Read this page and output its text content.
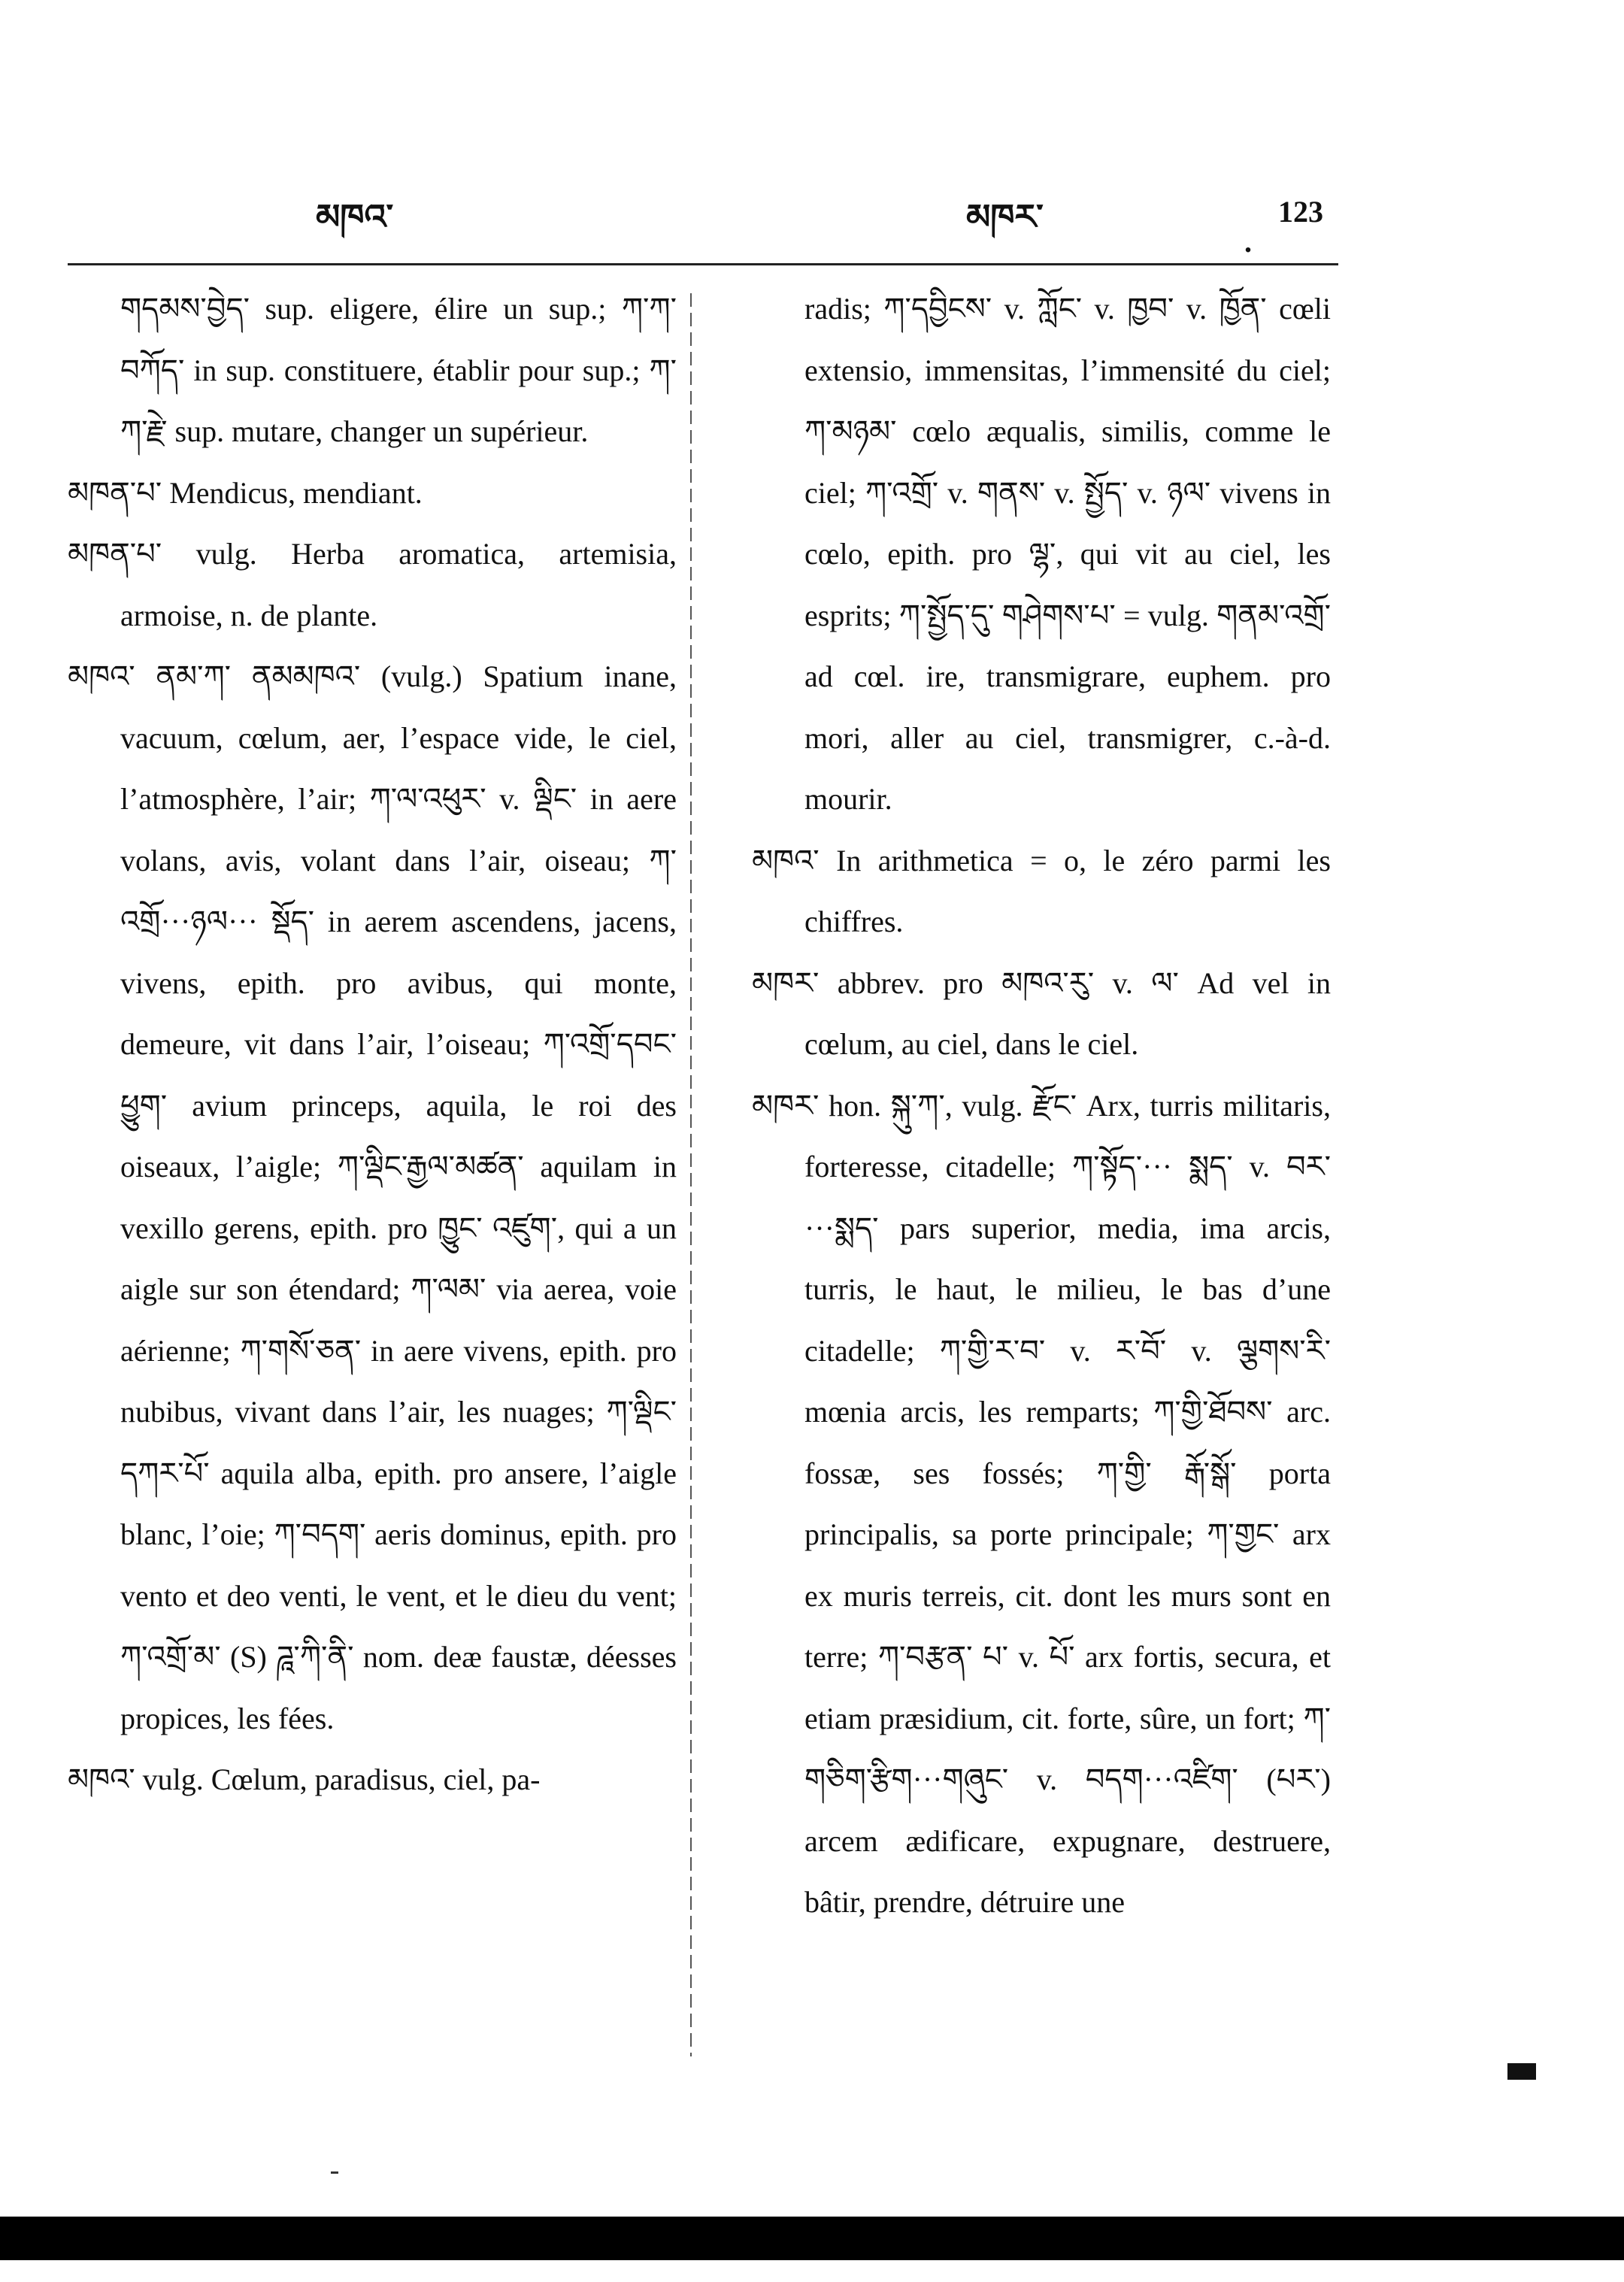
མཁའ་	མཁར་
.
123

གདམས་བྱེད་ sup. eligere, élire un sup.; ཀ་ཀ་བཀོད་ in sup. constituere, établir pour sup.; ཀ་ཀ་རྗེ་ sup. mutare, changer un supérieur.

མཁན་པ་ Mendicus, mendiant.

མཁན་པ་ vulg. Herba aromatica, artemisia, armoise, n. de plante.

མཁའ་ ནམ་ཀ་ ནམམཁའ་ (vulg.) Spatium inane, vacuum, cœlum, aer, l’espace vide, le ciel, l’atmosphère, l’air; ཀ་ལ་འཕུར་ v. ལྡིང་ in aere volans, avis, volant dans l’air, oiseau; ཀ་འགྲོ···ཉལ··· སྡོད་ in aerem ascendens, jacens, vivens, epith. pro avibus, qui monte, demeure, vit dans l’air, l’oiseau; ཀ་འགྲོ་དབང་ ཕྱུག་ avium princeps, aquila, le roi des oiseaux, l’aigle; ཀ་ལྡིང་རྒྱལ་མཚན་ aquilam in vexillo gerens, epith. pro ཁྱུང་ འཛུག་, qui a un aigle sur son étendard; ཀ་ལམ་ via aerea, voie aérienne; ཀ་གསོ་ཅན་ in aere vivens, epith. pro nubibus, vivant dans l’air, les nuages; ཀ་ལྡིང་དཀར་པོ་ aquila alba, epith. pro ansere, l’aigle blanc, l’oie; ཀ་བདག་ aeris dominus, epith. pro vento et deo venti, le vent, et le dieu du vent; ཀ་འགྲོ་མ་ (S) ཌཱ་ཀི་ནི་ nom. deæ faustæ, déesses propices, les fées.

མཁའ་ vulg. Cœlum, paradisus, ciel, pa-

radis; ཀ་དབྱིངས་ v. ཀློང་ v. ཁྱབ་ v. ཁྱོན་ cœli extensio, immensitas, l’immensité du ciel; ཀ་མཉམ་ cœlo æqualis, similis, comme le ciel; ཀ་འགྲོ་ v. གནས་ v. སྤྱོད་ v. ཉལ་ vivens in cœlo, epith. pro ལྷ་, qui vit au ciel, les esprits; ཀ་སྤྱོད་དུ་ གཤེགས་པ་ = vulg. གནམ་འགྲོ་ ad cœl. ire, transmigrare, euphem. pro mori, aller au ciel, transmigrer, c.-à-d. mourir.

མཁའ་ In arithmetica = o, le zéro parmi les chiffres.

མཁར་ abbrev. pro མཁའ་རུ་ v. ལ་ Ad vel in cœlum, au ciel, dans le ciel.

མཁར་ hon. སྐུ་ཀ་, vulg. རྫོང་ Arx, turris militaris, forteresse, citadelle; ཀ་སྟོད་··· སྨད་ v. བར་···སྨད་ pars superior, media, ima arcis, turris, le haut, le milieu, le bas d’une citadelle; ཀ་གྱི་ར་བ་ v. ར་བོ་ v. ལྕགས་རི་ mœnia arcis, les remparts; ཀ་གྱི་ཐོབས་ arc. fossæ, ses fossés; ཀ་གྱི་ རྒོ་སྒོ་ porta principalis, sa porte principale; ཀ་གྱང་ arx ex muris terreis, cit. dont les murs sont en terre; ཀ་བརྩན་ པ་ v. པོ་ arx fortis, secura, et etiam præsidium, cit. forte, sûre, un fort; ཀ་ གཅིག་རྩིག···གཞུང་ v. བདག···འཛིག་ (པར་) arcem ædificare, expugnare, destruere, bâtir, prendre, détruire une
